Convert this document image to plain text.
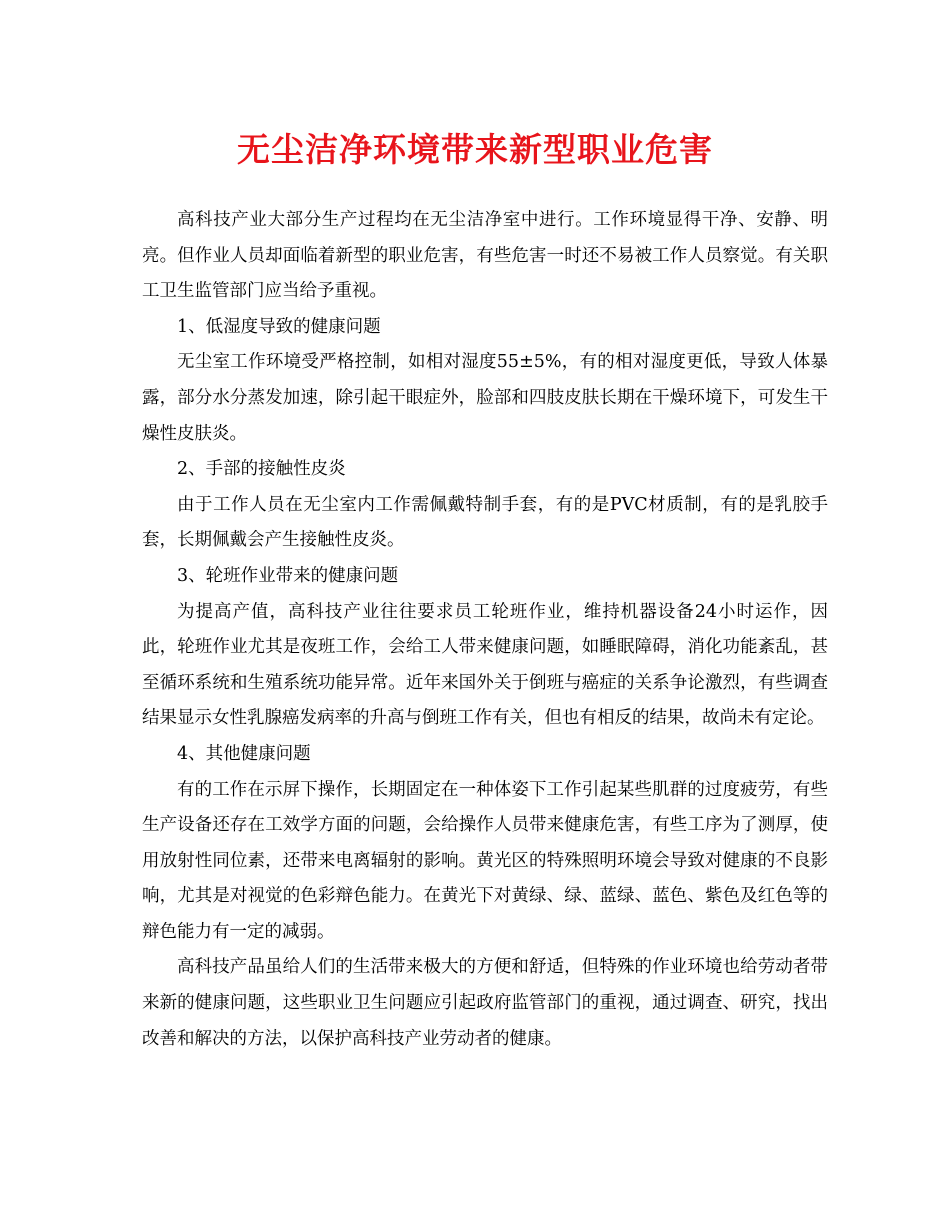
无尘洁净环境带来新型职业危害

高科技产业大部分生产过程均在无尘洁净室中进行。工作环境显得干净、安静、明亮。但作业人员却面临着新型的职业危害，有些危害一时还不易被工作人员察觉。有关职工卫生监管部门应当给予重视。

1、低湿度导致的健康问题

无尘室工作环境受严格控制，如相对湿度55±5%，有的相对湿度更低，导致人体暴露，部分水分蒸发加速，除引起干眼症外，脸部和四肢皮肤长期在干燥环境下，可发生干燥性皮肤炎。

2、手部的接触性皮炎

由于工作人员在无尘室内工作需佩戴特制手套，有的是PVC材质制，有的是乳胶手套，长期佩戴会产生接触性皮炎。

3、轮班作业带来的健康问题

为提高产值，高科技产业往往要求员工轮班作业，维持机器设备24小时运作，因此，轮班作业尤其是夜班工作，会给工人带来健康问题，如睡眠障碍，消化功能紊乱，甚至循环系统和生殖系统功能异常。近年来国外关于倒班与癌症的关系争论激烈，有些调查结果显示女性乳腺癌发病率的升高与倒班工作有关，但也有相反的结果，故尚未有定论。

4、其他健康问题

有的工作在示屏下操作，长期固定在一种体姿下工作引起某些肌群的过度疲劳，有些生产设备还存在工效学方面的问题，会给操作人员带来健康危害，有些工序为了测厚，使用放射性同位素，还带来电离辐射的影响。黄光区的特殊照明环境会导致对健康的不良影响，尤其是对视觉的色彩辩色能力。在黄光下对黄绿、绿、蓝绿、蓝色、紫色及红色等的辩色能力有一定的减弱。

高科技产品虽给人们的生活带来极大的方便和舒适，但特殊的作业环境也给劳动者带来新的健康问题，这些职业卫生问题应引起政府监管部门的重视，通过调查、研究，找出改善和解决的方法，以保护高科技产业劳动者的健康。
